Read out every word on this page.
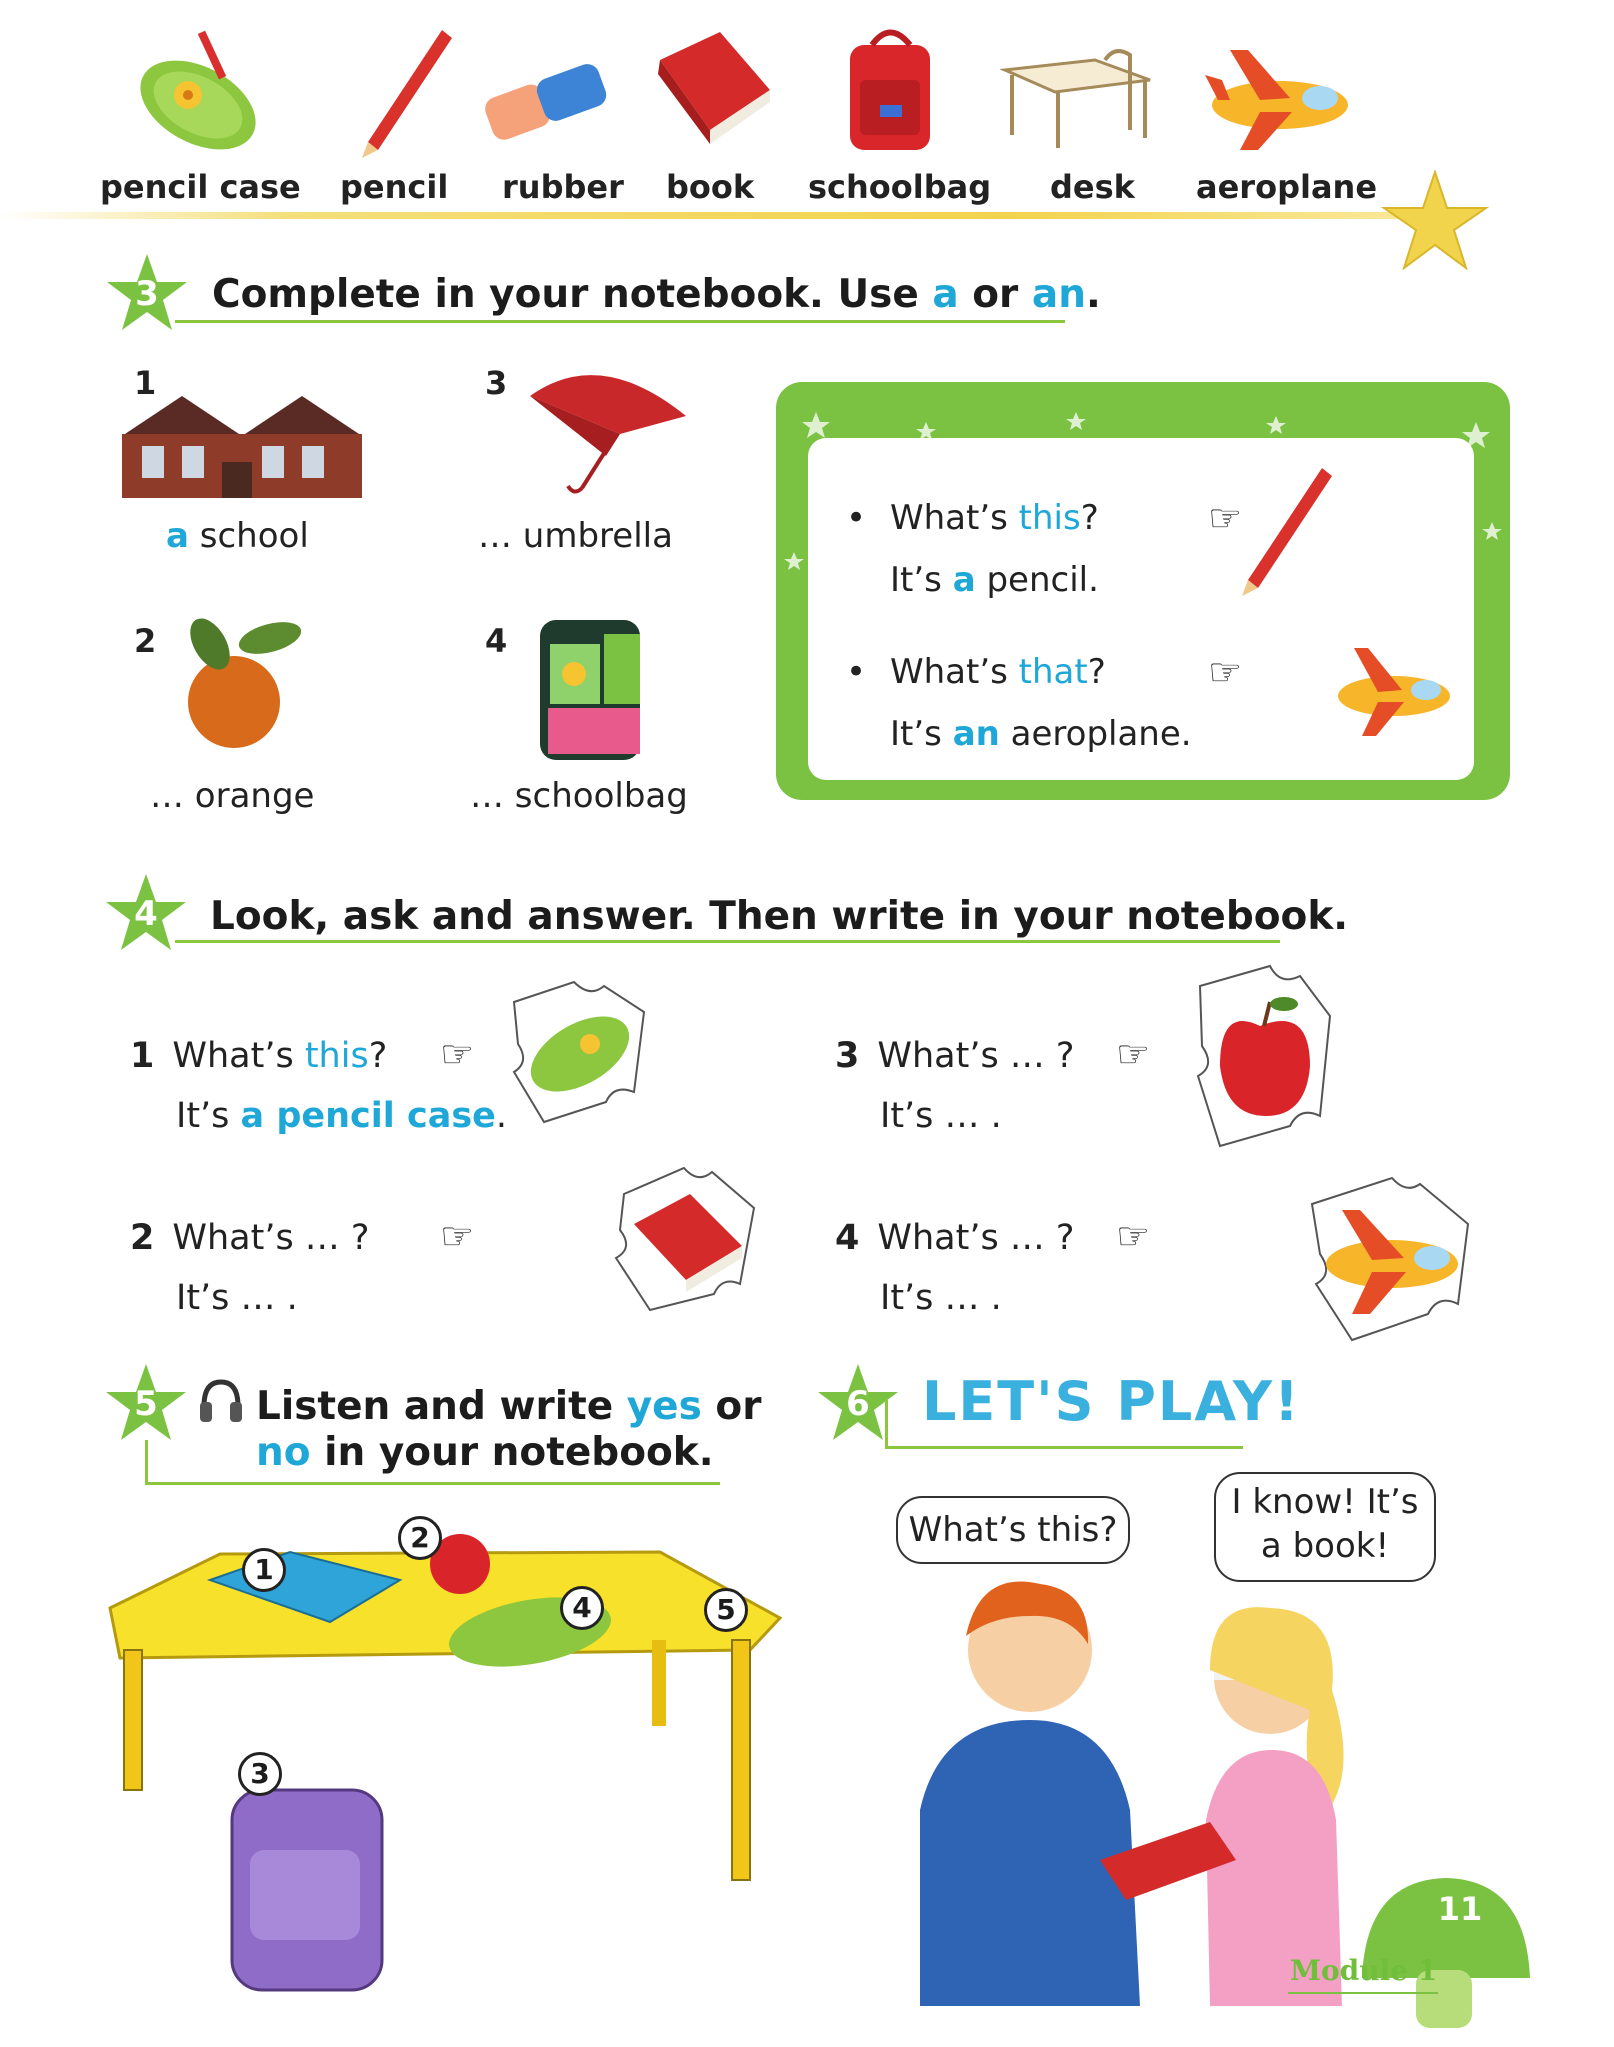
pencil case pencil rubber book schoolbag desk aeroplane
3	Complete in your notebook. Use a or an.
1
a school
3
… umbrella
2
… orange
4
… schoolbag
• What’s this?
It’s a pencil.
☞
• What’s that?
It’s an aeroplane.
☞
4	Look, ask and answer. Then write in your notebook.
1 What’s this?
It’s a pencil case.
☞
2 What’s … ?
It’s … .
☞
3 What’s … ?
It’s … .
☞
4 What’s … ?
It’s … .
☞
5	Listen and write yes or
no in your notebook.
1
2
3
4	5
6 LET'S PLAY!
What’s this?
I know! It’s
a book!
11
Module 1
